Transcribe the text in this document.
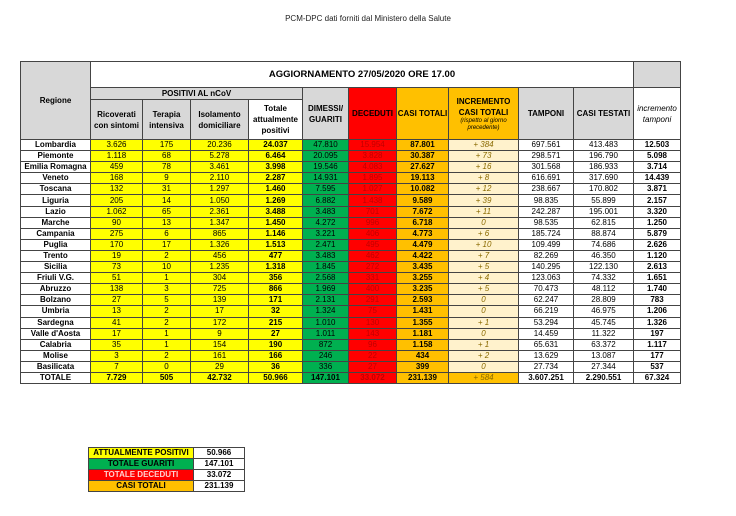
PCM-DPC dati forniti dal Ministero della Salute
Regione	AGGIORNAMENTO 27/05/2020 ORE 17.00										
	POSITIVI AL nCoV				DIMESSI/ GUARITI	DECEDUTI	CASI TOTALI	INCREMENTO CASI TOTALI
(rispetto al giorno precedente)	TAMPONI	CASI TESTATI	incremento tamponi
	Ricoverati con sintomi	Terapia intensiva	Isolamento domiciliare	Totale attualmente positivi							

Lombardia	3.626	175	20.236	24.037	47.810	15.954	87.801	+ 384	697.561	413.483	12.503
Piemonte	1.118	68	5.278	6.464	20.095	3.828	30.387	+ 73	298.571	196.790	5.098
Emilia Romagna	459	78	3.461	3.998	19.546	4.083	27.627	+ 16	301.568	186.933	3.714
Veneto	168	9	2.110	2.287	14.931	1.895	19.113	+ 8	616.691	317.690	14.439
Toscana	132	31	1.297	1.460	7.595	1.027	10.082	+ 12	238.667	170.802	3.871
Liguria	205	14	1.050	1.269	6.882	1.438	9.589	+ 39	98.835	55.899	2.157
Lazio	1.062	65	2.361	3.488	3.483	701	7.672	+ 11	242.287	195.001	3.320
Marche	90	13	1.347	1.450	4.272	996	6.718	0	98.535	62.815	1.250
Campania	275	6	865	1.146	3.221	406	4.773	+ 6	185.724	88.874	5.879
Puglia	170	17	1.326	1.513	2.471	495	4.479	+ 10	109.499	74.686	2.626
Trento	19	2	456	477	3.483	462	4.422	+ 7	82.269	46.350	1.120
Sicilia	73	10	1.235	1.318	1.845	272	3.435	+ 5	140.295	122.130	2.613
Friuli V.G.	51	1	304	356	2.568	331	3.255	+ 4	123.063	74.332	1.651
Abruzzo	138	3	725	866	1.969	400	3.235	+ 5	70.473	48.112	1.740
Bolzano	27	5	139	171	2.131	291	2.593	0	62.247	28.809	783
Umbria	13	2	17	32	1.324	75	1.431	0	66.219	46.975	1.206
Sardegna	41	2	172	215	1.010	130	1.355	+ 1	53.294	45.745	1.326
Valle d'Aosta	17	1	9	27	1.011	143	1.181	0	14.459	11.322	197
Calabria	35	1	154	190	872	96	1.158	+ 1	65.631	63.372	1.117
Molise	3	2	161	166	246	22	434	+ 2	13.629	13.087	177
Basilicata	7	0	29	36	336	27	399	0	27.734	27.344	537
TOTALE	7.729	505	42.732	50.966	147.101	33.072	231.139	+ 584	3.607.251	2.290.551	67.324
ATTUALMENTE POSITIVI	50.966
TOTALE GUARITI	147.101
TOTALE DECEDUTI	33.072
CASI TOTALI	231.139
